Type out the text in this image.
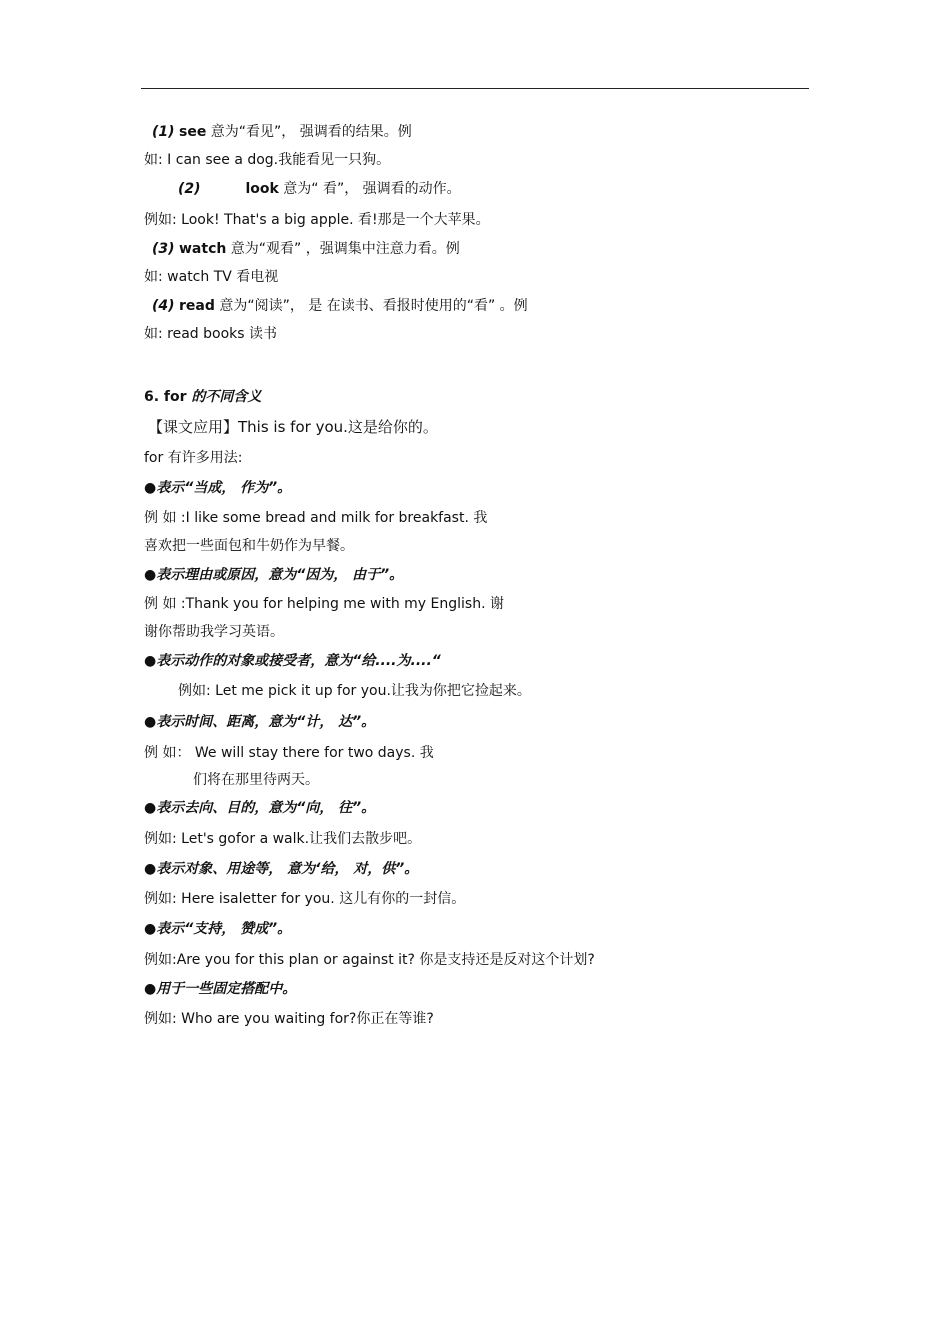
(1) see 意为“看见”， 强调看的结果。例
如: I can see a dog.我能看见一只狗。
(2)	look 意为“ 看”， 强调看的动作。
例如: Look! That's a big apple. 看!那是一个大苹果。
(3) watch 意为“观看” ，强调集中注意力看。例
如: watch TV 看电视
(4) read 意为“阅读”， 是 在读书、看报时使用的“看” 。例
如: read books 读书
6. for 的不同含义
【课文应用】This is for you.这是给你的。
for 有许多用法:
●表示“当成， 作为”。
例 如 :I like some bread and milk for breakfast. 我
喜欢把一些面包和牛奶作为早餐。
●表示理由或原因，意为“因为， 由于”。
例 如 :Thank you for helping me with my English. 谢
谢你帮助我学习英语。
●表示动作的对象或接受者，意为“给....为....“
例如: Let me pick it up for you.让我为你把它捡起来。
●表示时间、距离，意为“计， 达”。
例 如： We will stay there for two days. 我
们将在那里待两天。
●表示去向、目的，意为“向， 往”。
例如: Let's gofor a walk.让我们去散步吧。
●表示对象、用途等， 意为‘给， 对，供”。
例如: Here isaletter for you. 这儿有你的一封信。
●表示“支持， 赞成”。
例如:Are you for this plan or against it? 你是支持还是反对这个计划?
●用于一些固定搭配中。
例如: Who are you waiting for?你正在等谁?
